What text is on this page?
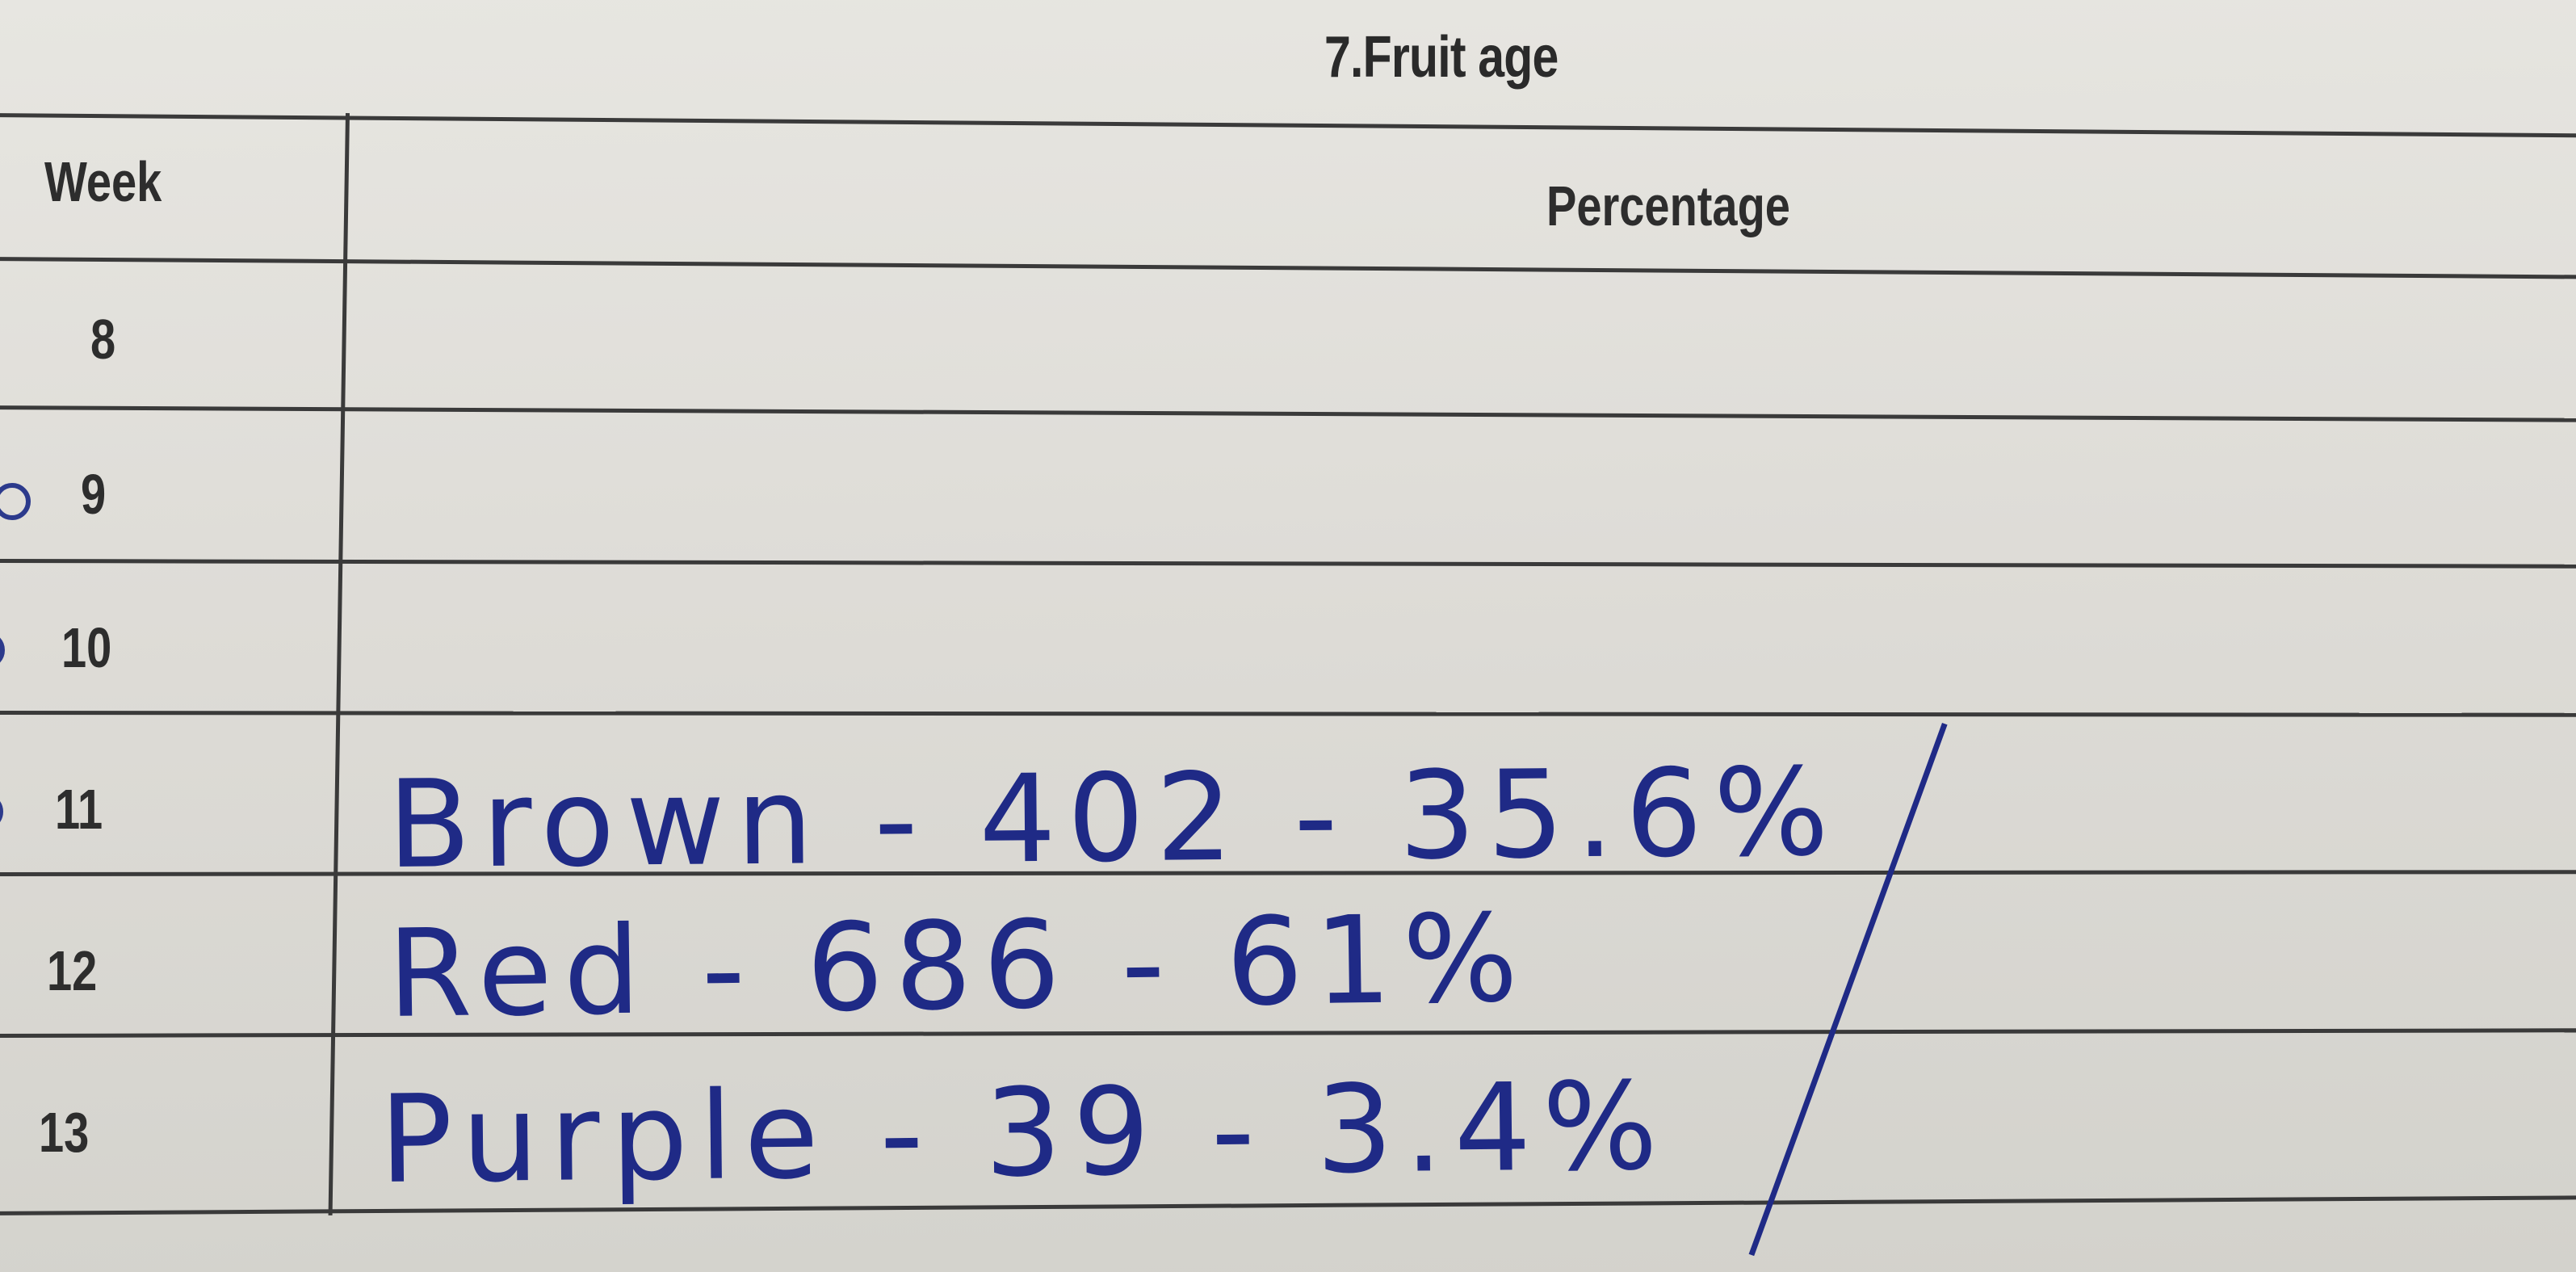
7.Fruit age
Week	Percentage
8
9
10
11
12
13
Brown - 402 - 35.6%
Red - 686 - 61%
Purple - 39 - 3.4%
